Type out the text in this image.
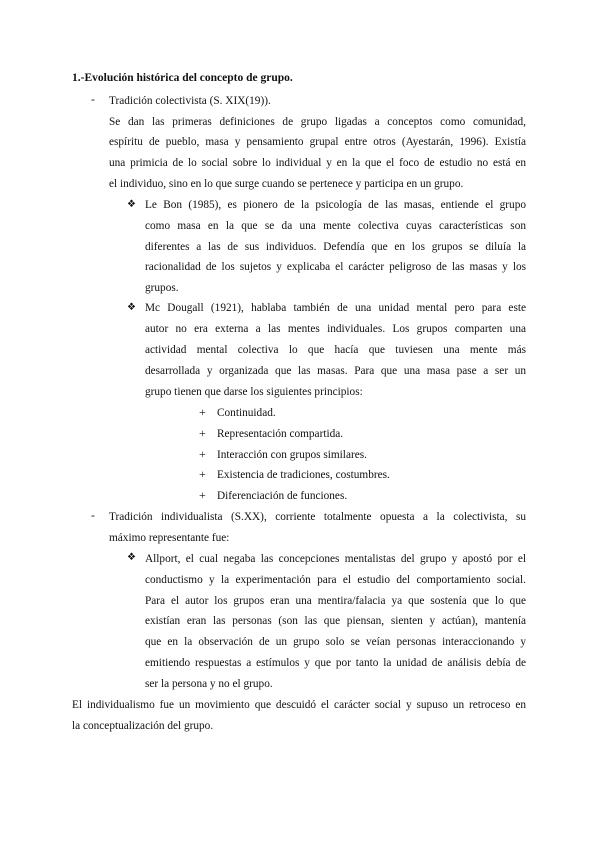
1.-Evolución histórica del concepto de grupo.
- Tradición colectivista (S. XIX(19)).
Se dan las primeras definiciones de grupo ligadas a conceptos como comunidad,
espíritu de pueblo, masa y pensamiento grupal entre otros (Ayestarán, 1996). Existía
una primicia de lo social sobre lo individual y en la que el foco de estudio no está en
el individuo, sino en lo que surge cuando se pertenece y participa en un grupo.
❖ Le Bon (1985), es pionero de la psicología de las masas, entiende el grupo
como masa en la que se da una mente colectiva cuyas características son
diferentes a las de sus individuos. Defendía que en los grupos se diluía la
racionalidad de los sujetos y explicaba el carácter peligroso de las masas y los
grupos.
❖ Mc Dougall (1921), hablaba también de una unidad mental pero para este
autor no era externa a las mentes individuales. Los grupos comparten una
actividad mental colectiva lo que hacía que tuviesen una mente más
desarrollada y organizada que las masas. Para que una masa pase a ser un
grupo tienen que darse los siguientes principios:
+ Continuidad.
+ Representación compartida.
+ Interacción con grupos similares.
+ Existencia de tradiciones, costumbres.
+ Diferenciación de funciones.
- Tradición individualista (S.XX), corriente totalmente opuesta a la colectivista, su
máximo representante fue:
❖ Allport, el cual negaba las concepciones mentalistas del grupo y apostó por el
conductismo y la experimentación para el estudio del comportamiento social.
Para el autor los grupos eran una mentira/falacia ya que sostenía que lo que
existían eran las personas (son las que piensan, sienten y actúan), mantenía
que en la observación de un grupo solo se veían personas interaccionando y
emitiendo respuestas a estímulos y que por tanto la unidad de análisis debía de
ser la persona y no el grupo.
El individualismo fue un movimiento que descuidó el carácter social y supuso un retroceso en
la conceptualización del grupo.
